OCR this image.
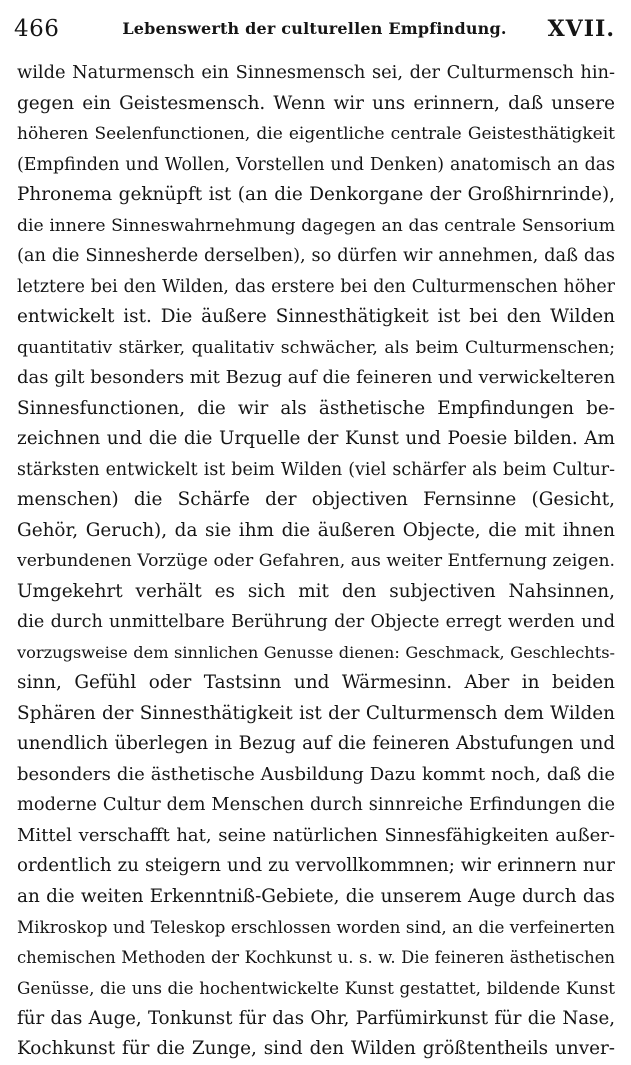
466	Lebenswerth der culturellen Empfindung.	XVII.
wilde Naturmensch ein Sinnesmensch sei, der Culturmensch hin-
gegen ein Geistesmensch. Wenn wir uns erinnern, daß unsere
höheren Seelenfunctionen, die eigentliche centrale Geistesthätigkeit
(Empfinden und Wollen, Vorstellen und Denken) anatomisch an das
Phronema geknüpft ist (an die Denkorgane der Großhirnrinde),
die innere Sinneswahrnehmung dagegen an das centrale Sensorium
(an die Sinnesherde derselben), so dürfen wir annehmen, daß das
letztere bei den Wilden, das erstere bei den Culturmenschen höher
entwickelt ist. Die äußere Sinnesthätigkeit ist bei den Wilden
quantitativ stärker, qualitativ schwächer, als beim Culturmenschen;
das gilt besonders mit Bezug auf die feineren und verwickelteren
Sinnesfunctionen, die wir als ästhetische Empfindungen be-
zeichnen und die die Urquelle der Kunst und Poesie bilden. Am
stärksten entwickelt ist beim Wilden (viel schärfer als beim Cultur-
menschen) die Schärfe der objectiven Fernsinne (Gesicht,
Gehör, Geruch), da sie ihm die äußeren Objecte, die mit ihnen
verbundenen Vorzüge oder Gefahren, aus weiter Entfernung zeigen.
Umgekehrt verhält es sich mit den subjectiven Nahsinnen,
die durch unmittelbare Berührung der Objecte erregt werden und
vorzugsweise dem sinnlichen Genusse dienen: Geschmack, Geschlechts-
sinn, Gefühl oder Tastsinn und Wärmesinn. Aber in beiden
Sphären der Sinnesthätigkeit ist der Culturmensch dem Wilden
unendlich überlegen in Bezug auf die feineren Abstufungen und
besonders die ästhetische Ausbildung Dazu kommt noch, daß die
moderne Cultur dem Menschen durch sinnreiche Erfindungen die
Mittel verschafft hat, seine natürlichen Sinnesfähigkeiten außer-
ordentlich zu steigern und zu vervollkommnen; wir erinnern nur
an die weiten Erkenntniß-Gebiete, die unserem Auge durch das
Mikroskop und Teleskop erschlossen worden sind, an die verfeinerten
chemischen Methoden der Kochkunst u. s. w. Die feineren ästhetischen
Genüsse, die uns die hochentwickelte Kunst gestattet, bildende Kunst
für das Auge, Tonkunst für das Ohr, Parfümirkunst für die Nase,
Kochkunst für die Zunge, sind den Wilden größtentheils unver-
